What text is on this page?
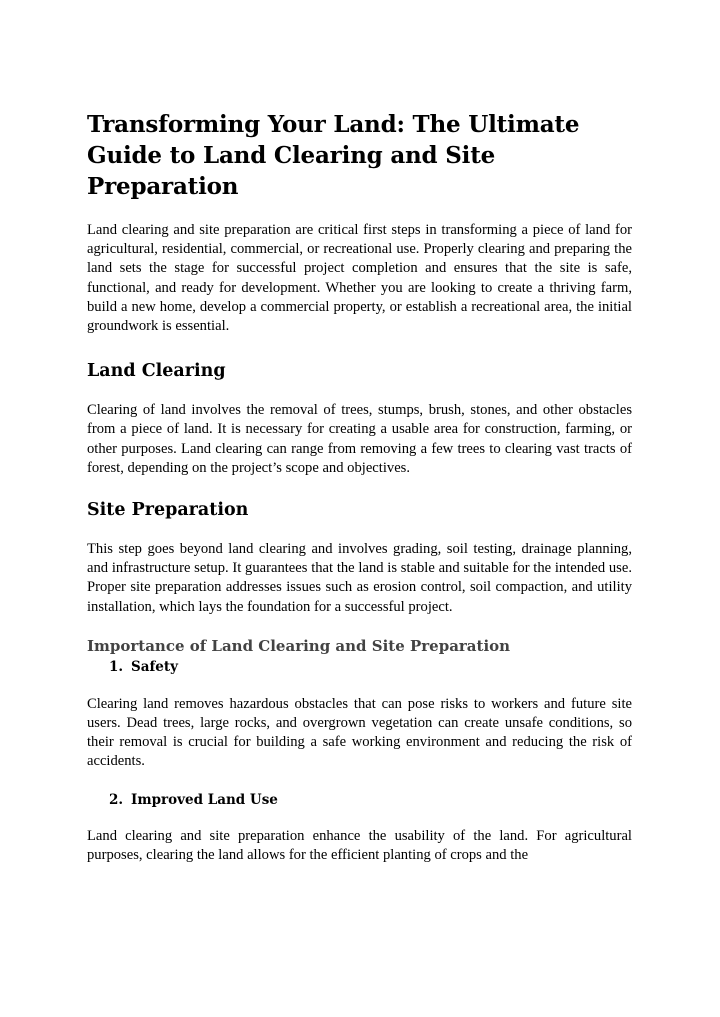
Transforming Your Land: The Ultimate Guide to Land Clearing and Site Preparation

Land clearing and site preparation are critical first steps in transforming a piece of land for agricultural, residential, commercial, or recreational use. Properly clearing and preparing the land sets the stage for successful project completion and ensures that the site is safe, functional, and ready for development. Whether you are looking to create a thriving farm, build a new home, develop a commercial property, or establish a recreational area, the initial groundwork is essential.

Land Clearing

Clearing of land involves the removal of trees, stumps, brush, stones, and other obstacles from a piece of land. It is necessary for creating a usable area for construction, farming, or other purposes. Land clearing can range from removing a few trees to clearing vast tracts of forest, depending on the project’s scope and objectives.

Site Preparation

This step goes beyond land clearing and involves grading, soil testing, drainage planning, and infrastructure setup. It guarantees that the land is stable and suitable for the intended use. Proper site preparation addresses issues such as erosion control, soil compaction, and utility installation, which lays the foundation for a successful project.

Importance of Land Clearing and Site Preparation
1. Safety

Clearing land removes hazardous obstacles that can pose risks to workers and future site users. Dead trees, large rocks, and overgrown vegetation can create unsafe conditions, so their removal is crucial for building a safe working environment and reducing the risk of accidents.

2. Improved Land Use

Land clearing and site preparation enhance the usability of the land. For agricultural purposes, clearing the land allows for the efficient planting of crops and the
